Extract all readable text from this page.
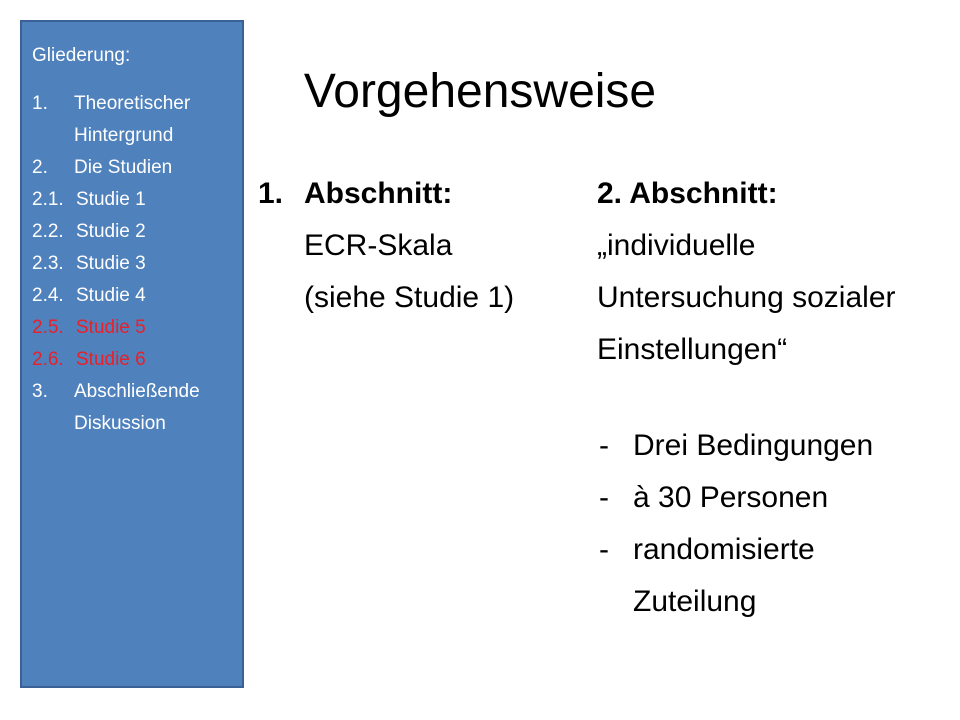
Gliederung:
1. Theoretischer
Hintergrund
2. Die Studien
2.1. Studie 1
2.2. Studie 2
2.3. Studie 3
2.4. Studie 4
2.5. Studie 5
2.6. Studie 6
3. Abschließende
Diskussion
Vorgehensweise
1. Abschnitt:
ECR-Skala
(siehe Studie 1)
2. Abschnitt:
„individuelle
Untersuchung sozialer
Einstellungen“
- Drei Bedingungen
- à 30 Personen
- randomisierte
Zuteilung
